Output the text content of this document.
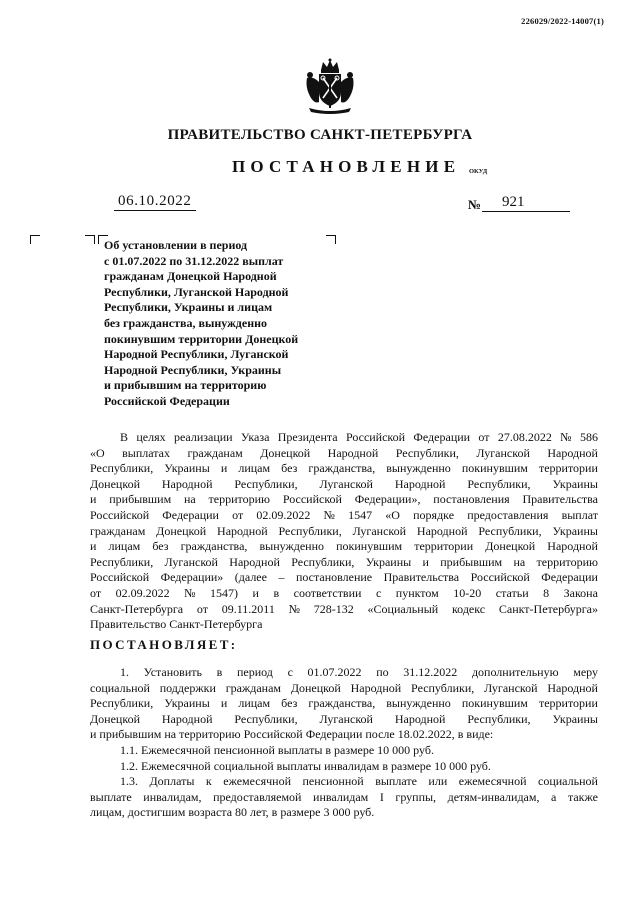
226029/2022-14007(1)
ПРАВИТЕЛЬСТВО САНКТ-ПЕТЕРБУРГА
ПОСТАНОВЛЕНИЕ ОКУД
06.10.2022	№	921
Об установлении в период
с 01.07.2022 по 31.12.2022 выплат
гражданам Донецкой Народной
Республики, Луганской Народной
Республики, Украины и лицам
без гражданства, вынужденно
покинувшим территории Донецкой
Народной Республики, Луганской
Народной Республики, Украины
и прибывшим на территорию
Российской Федерации
В целях реализации Указа Президента Российской Федерации от 27.08.2022 № 586
«О выплатах гражданам Донецкой Народной Республики, Луганской Народной
Республики, Украины и лицам без гражданства, вынужденно покинувшим территории
Донецкой Народной Республики, Луганской Народной Республики, Украины
и прибывшим на территорию Российской Федерации», постановления Правительства
Российской Федерации от 02.09.2022 № 1547 «О порядке предоставления выплат
гражданам Донецкой Народной Республики, Луганской Народной Республики, Украины
и лицам без гражданства, вынужденно покинувшим территории Донецкой Народной
Республики, Луганской Народной Республики, Украины и прибывшим на территорию
Российской Федерации» (далее – постановление Правительства Российской Федерации
от 02.09.2022 № 1547) и в соответствии с пунктом 10-20 статьи 8 Закона
Санкт-Петербурга от 09.11.2011 № 728-132 «Социальный кодекс Санкт-Петербурга»
Правительство Санкт-Петербурга
ПОСТАНОВЛЯЕТ:
1. Установить в период с 01.07.2022 по 31.12.2022 дополнительную меру
социальной поддержки гражданам Донецкой Народной Республики, Луганской Народной
Республики, Украины и лицам без гражданства, вынужденно покинувшим территории
Донецкой Народной Республики, Луганской Народной Республики, Украины
и прибывшим на территорию Российской Федерации после 18.02.2022, в виде:
1.1. Ежемесячной пенсионной выплаты в размере 10 000 руб.
1.2. Ежемесячной социальной выплаты инвалидам в размере 10 000 руб.
1.3. Доплаты к ежемесячной пенсионной выплате или ежемесячной социальной
выплате инвалидам, предоставляемой инвалидам I группы, детям-инвалидам, а также
лицам, достигшим возраста 80 лет, в размере 3 000 руб.
